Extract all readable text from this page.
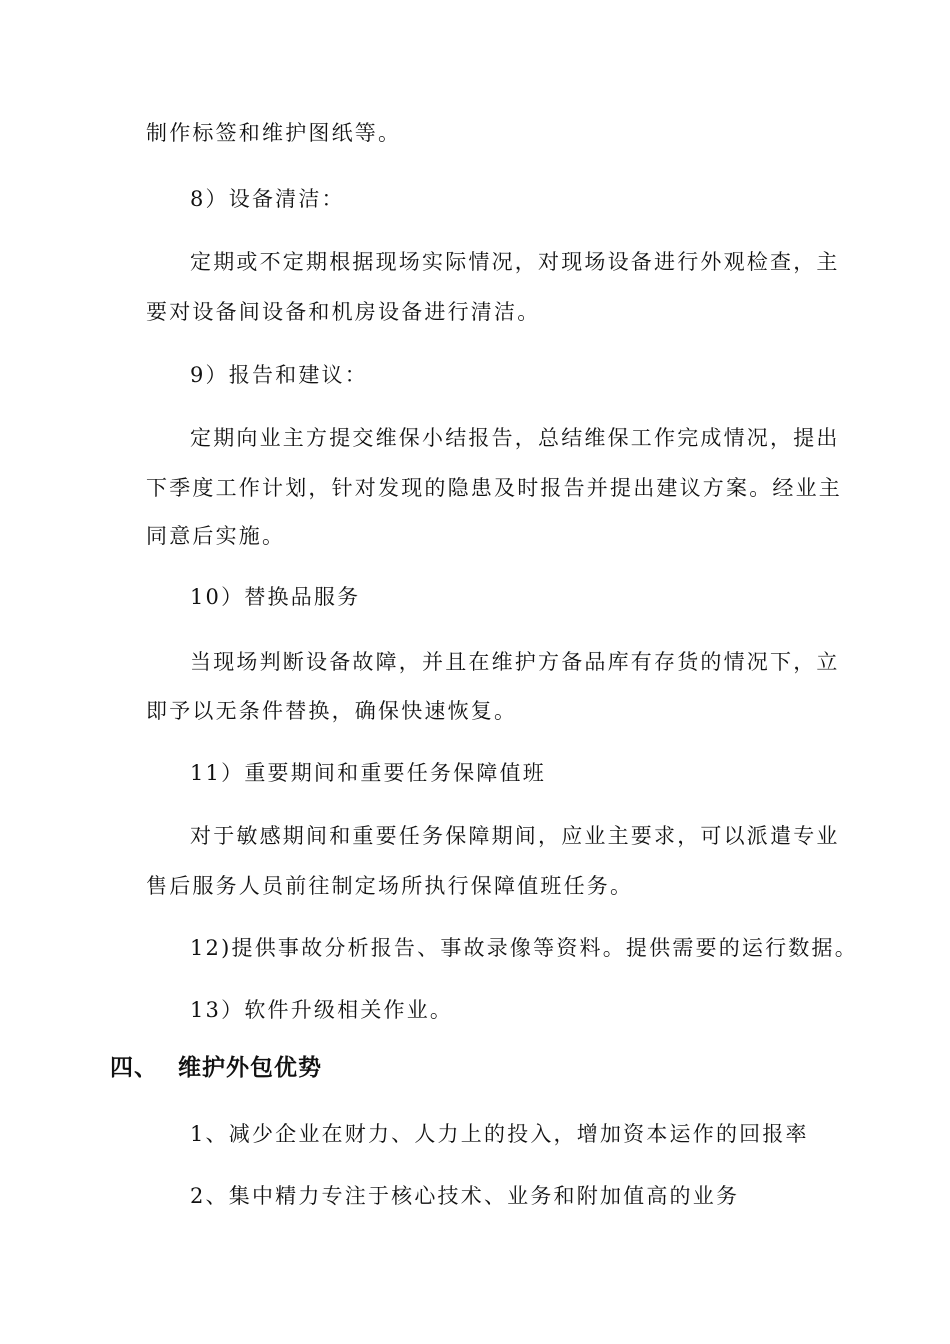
制作标签和维护图纸等。

8）设备清洁：

定期或不定期根据现场实际情况，对现场设备进行外观检查，主

要对设备间设备和机房设备进行清洁。

9）报告和建议：

定期向业主方提交维保小结报告，总结维保工作完成情况，提出

下季度工作计划，针对发现的隐患及时报告并提出建议方案。经业主

同意后实施。

10）替换品服务

当现场判断设备故障，并且在维护方备品库有存货的情况下，立

即予以无条件替换，确保快速恢复。

11）重要期间和重要任务保障值班

对于敏感期间和重要任务保障期间，应业主要求，可以派遣专业

售后服务人员前往制定场所执行保障值班任务。

12)提供事故分析报告、事故录像等资料。提供需要的运行数据。

13）软件升级相关作业。

四、 维护外包优势

1、减少企业在财力、人力上的投入，增加资本运作的回报率

2、集中精力专注于核心技术、业务和附加值高的业务
